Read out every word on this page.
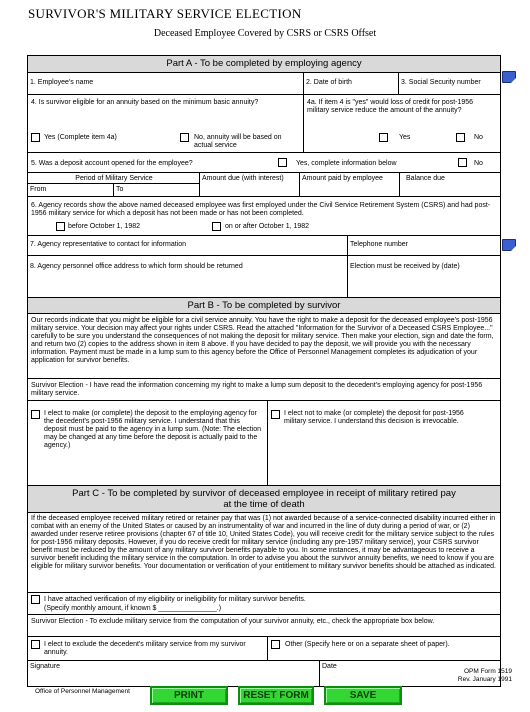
SURVIVOR'S MILITARY SERVICE ELECTION
Deceased Employee Covered by CSRS or CSRS Offset
Part A - To be completed by employing agency
1. Employee's name	2. Date of birth	3. Social Security number
4. Is survivor eligible for an annuity based on the minimum basic annuity?
Yes (Complete item 4a)	No, annuity will be based on actual service
4a. If item 4 is "yes" would loss of credit for post-1956 military service reduce the amount of the annuity?
Yes	No
5. Was a deposit account opened for the employee?	Yes, complete information below	No
Period of Military Service
From	To
Amount due (with interest)	Amount paid by employee	Balance due
6. Agency records show the above named deceased employee was first employed under the Civil Service Retirement System (CSRS) and had post-1956 military service for which a deposit has not been made or has not been completed.
before October 1, 1982	on or after October 1, 1982
7. Agency representative to contact for information	Telephone number
8. Agency personnel office address to which form should be returned	Election must be received by (date)
Part B - To be completed by survivor
Our records indicate that you might be eligible for a civil service annuity. You have the right to make a deposit for the deceased employee's post-1956 military service. Your decision may affect your rights under CSRS. Read the attached "Information for the Survivor of a Deceased CSRS Employee..." carefully to be sure you understand the consequences of not making the deposit for military service. Then make your election, sign and date the form, and return two (2) copies to the address shown in item 8 above. If you have decided to pay the deposit, we will provide you with the necessary information. Payment must be made in a lump sum to this agency before the Office of Personnel Management completes its adjudication of your application for survivor benefits.
Survivor Election - I have read the information concerning my right to make a lump sum deposit to the decedent's employing agency for post-1956 military service.
I elect to make (or complete) the deposit to the employing agency for the decedent's post-1956 military service. I understand that this deposit must be paid to the agency in a lump sum. (Note: The election may be changed at any time before the deposit is actually paid to the agency.)
I elect not to make (or complete) the deposit for post-1956 military service. I understand this decision is irrevocable.
Part C - To be completed by survivor of deceased employee in receipt of military retired pay
at the time of death
If the deceased employee received military retired or retainer pay that was (1) not awarded because of a service-connected disability incurred either in combat with an enemy of the United States or caused by an instrumentality of war and incurred in the line of duty during a period of war, or (2) awarded under reserve retiree provisions (chapter 67 of title 10, United States Code), you will receive credit for the military service subject to the rules for post-1956 military deposits. However, if you do receive credit for military service (including any pre-1957 military service), your CSRS survivor benefit must be reduced by the amount of any military survivor benefits payable to you. In some instances, it may be advantageous to receive a survivor benefit including the military service in the computation. In order to advise you about the survivor annuity benefits, we need to know if you are eligible for military survivor benefits. Your documentation or verification of your entitlement to military survivor benefits should be attached as indicated.
I have attached verification of my eligibility or ineligibility for military survivor benefits.
(Specify monthly amount, if known $ _______________.)
Survivor Election - To exclude military service from the computation of your survivor annuity, etc., check the appropriate box below.
I elect to exclude the decedent's military service from my survivor annuity.
Other (Specify here or on a separate sheet of paper).
Signature	Date
OPM Form 1519
Rev. January 1991
Office of Personnel Management	PRINT	RESET FORM	SAVE
